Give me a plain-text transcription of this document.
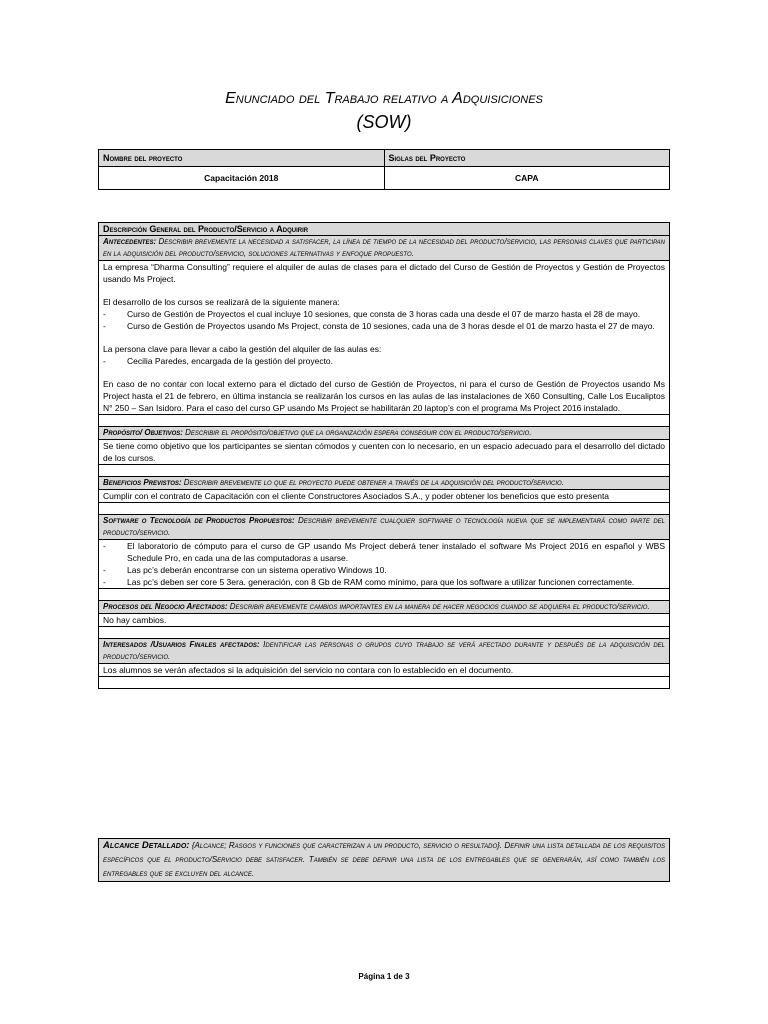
Enunciado del Trabajo relativo a Adquisiciones
(SOW)
Nombre del proyecto	Siglas del Proyecto
Capacitación 2018	CAPA
Descripción General del Producto/Servicio a Adquirir
Antecedentes: Describir brevemente la necesidad a satisfacer, la línea de tiempo de la necesidad del producto/servicio, las personas claves que participan en la adquisición del producto/servicio, soluciones alternativas y enfoque propuesto.

La empresa “Dharma Consulting” requiere el alquiler de aulas de clases para el dictado del Curso de Gestión de Proyectos y Gestión de Proyectos usando Ms Project.

El desarrollo de los cursos se realizará de la siguiente manera:

- Curso de Gestión de Proyectos el cual incluye 10 sesiones, que consta de 3 horas cada una desde el 07 de marzo hasta el 28 de mayo.
- Curso de Gestión de Proyectos usando Ms Project, consta de 10 sesiones, cada una de 3 horas desde el 01 de marzo hasta el 27 de mayo.

La persona clave para llevar a cabo la gestión del alquiler de las aulas es:

- Cecilia Paredes, encargada de la gestión del proyecto.

En caso de no contar con local externo para el dictado del curso de Gestión de Proyectos, ni para el curso de Gestión de Proyectos usando Ms Project hasta el 21 de febrero, en última instancia se realizarán los cursos en las aulas de las instalaciones de X60 Consulting, Calle Los Eucaliptos N° 250 – San Isidoro. Para el caso del curso GP usando Ms Project se habilitarán 20 laptop’s con el programa Ms Project 2016 instalado.

Propósito/ Objetivos: Describir el propósito/objetivo que la organización espera conseguir con el producto/servicio.
Se tiene como objetivo que los participantes se sientan cómodos y cuenten con lo necesario, en un espacio adecuado para el desarrollo del dictado de los cursos.

Beneficios Previstos: Describir brevemente lo que el proyecto puede obtener a través de la adquisición del producto/servicio.
Cumplir con el contrato de Capacitación con el cliente Constructores Asociados S.A., y poder obtener los beneficios que esto presenta

Software o Tecnología de Productos Propuestos: Describir brevemente cualquier software o tecnología nueva que se implementará como parte del producto/servicio.

- El laboratorio de cómputo para el curso de GP usando Ms Project deberá tener instalado el software Ms Project 2016 en español y WBS Schedule Pro, en cada una de las computadoras a usarse.
- Las pc’s deberán encontrarse con un sistema operativo Windows 10.
- Las pc’s deben ser core 5 3era. generación, con 8 Gb de RAM como mínimo, para que los software a utilizar funcionen correctamente.

Procesos del Negocio Afectados: Describir brevemente cambios importantes en la manera de hacer negocios cuando se adquiera el producto/servicio.
No hay cambios.

Interesados /Usuarios Finales afectados: Identificar las personas o grupos cuyo trabajo se verá afectado durante y después de la adquisición del producto/servicio.
Los alumnos se verán afectados si la adquisición del servicio no contara con lo establecido en el documento.

Alcance Detallado: {Alcance; Rasgos y funciones que caracterizan a un producto, servicio o resultado}. Definir una lista detallada de los requisitos específicos que el producto/Servicio debe satisfacer. También se debe definir una lista de los entregables que se generarán, así como también los entregables que se excluyen del alcance.
Página 1 de 3
